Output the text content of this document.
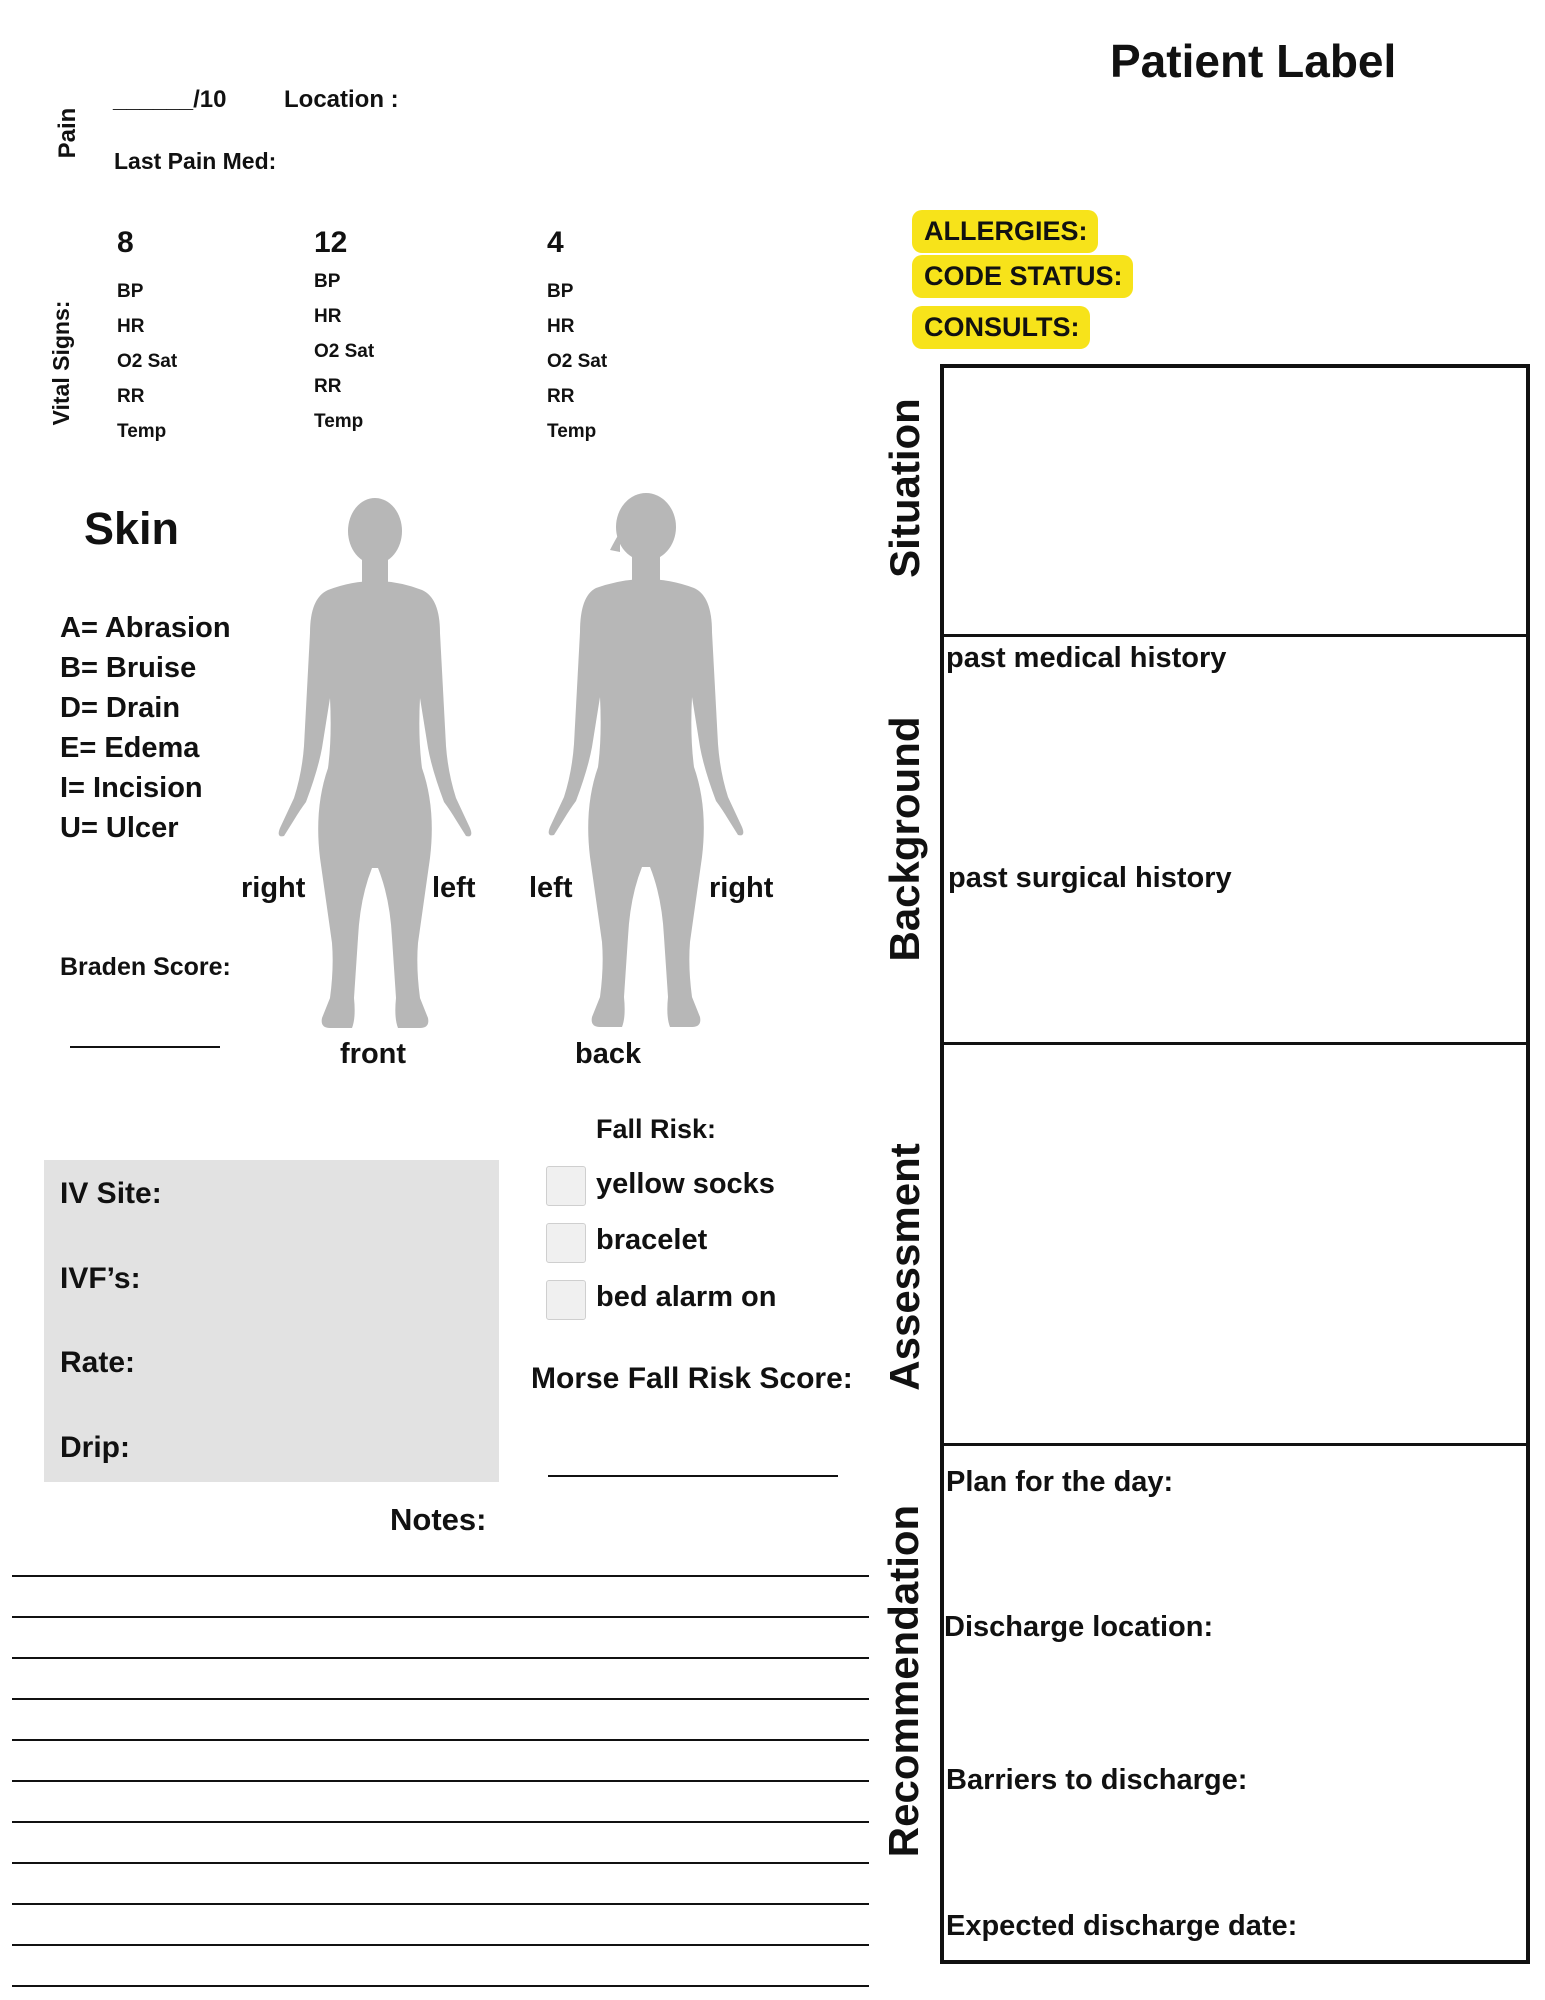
Patient Label
Pain
______/10 Location :
Last Pain Med:
Vital Signs:
8
BP
HR
O2 Sat
RR
Temp
12
BP
HR
O2 Sat
RR
Temp
4
BP
HR
O2 Sat
RR
Temp
Skin
A= Abrasion
B= Bruise
D= Drain
E= Edema
I= Incision
U= Ulcer
right	left left	right
front	back
Braden Score:
ALLERGIES:
CODE STATUS:
CONSULTS:
Situation
Background
Assessment
Recommendation
past medical history
past surgical history
Plan for the day:
Discharge location:
Barriers to discharge:
Expected discharge date:
IV Site:
IVF’s:
Rate:
Drip:
Fall Risk:
yellow socks
bracelet
bed alarm on
Morse Fall Risk Score:
Notes:
